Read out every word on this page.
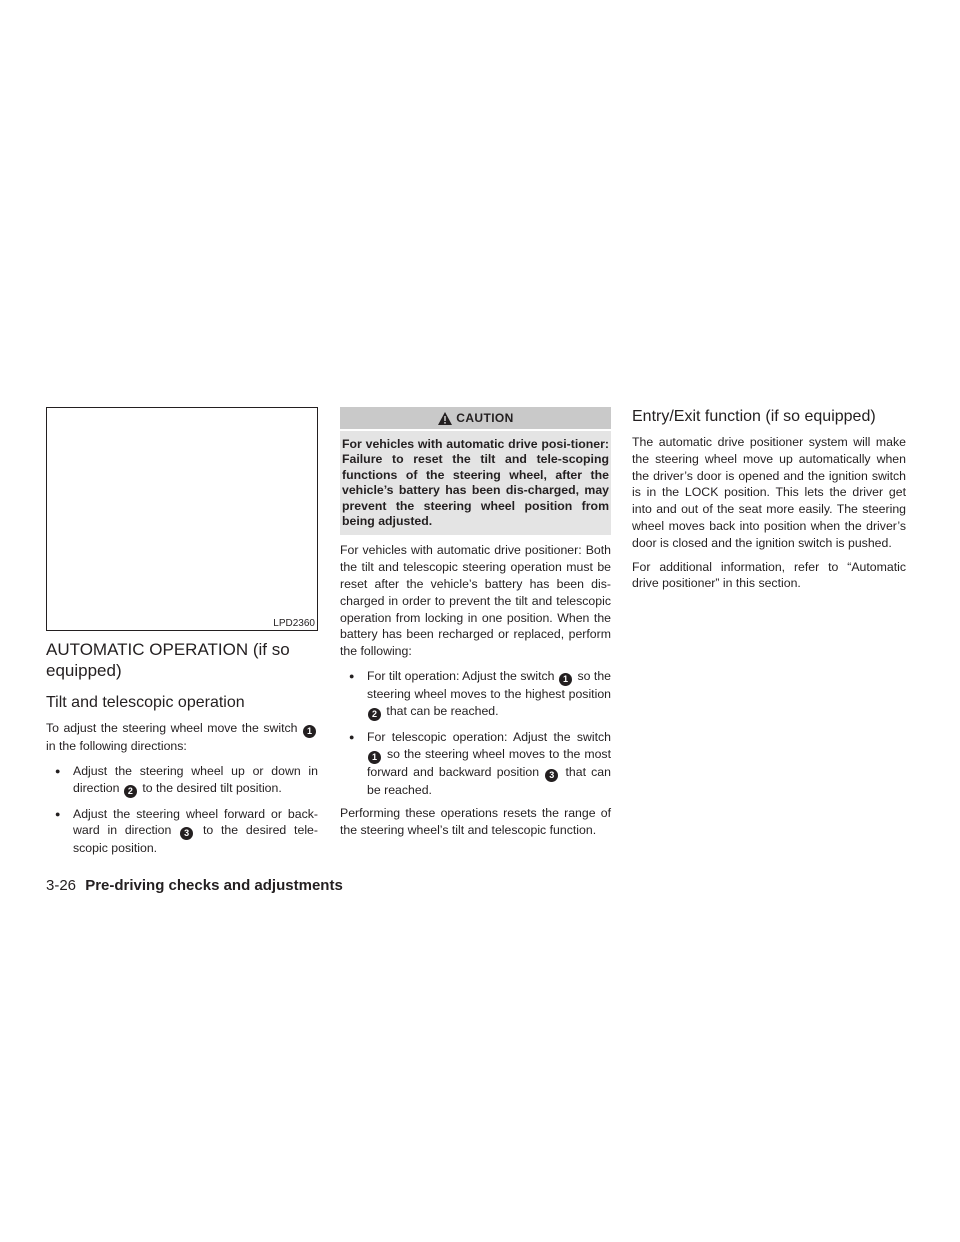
LPD2360
AUTOMATIC OPERATION (if so equipped)
Tilt and telescopic operation

To adjust the steering wheel move the switch 1 in the following directions:

● Adjust the steering wheel up or down in direction 2 to the desired tilt position.
● Adjust the steering wheel forward or back-ward in direction 3 to the desired tele-scopic position.
CAUTION
For vehicles with automatic drive posi-tioner: Failure to reset the tilt and tele-scoping functions of the steering wheel, after the vehicle’s battery has been dis-charged, may prevent the steering wheel position from being adjusted.

For vehicles with automatic drive positioner: Both the tilt and telescopic steering operation must be reset after the vehicle’s battery has been dis-charged in order to prevent the tilt and telescopic operation from locking in one position. When the battery has been recharged or replaced, perform the following:

● For tilt operation: Adjust the switch 1 so the steering wheel moves to the highest position 2 that can be reached.
● For telescopic operation: Adjust the switch 1 so the steering wheel moves to the most forward and backward position 3 that can be reached.

Performing these operations resets the range of the steering wheel’s tilt and telescopic function.

Entry/Exit function (if so equipped)

The automatic drive positioner system will make the steering wheel move up automatically when the driver’s door is opened and the ignition switch is in the LOCK position. This lets the driver get into and out of the seat more easily. The steering wheel moves back into position when the driver’s door is closed and the ignition switch is pushed.

For additional information, refer to “Automatic drive positioner” in this section.

3-26 Pre-driving checks and adjustments
